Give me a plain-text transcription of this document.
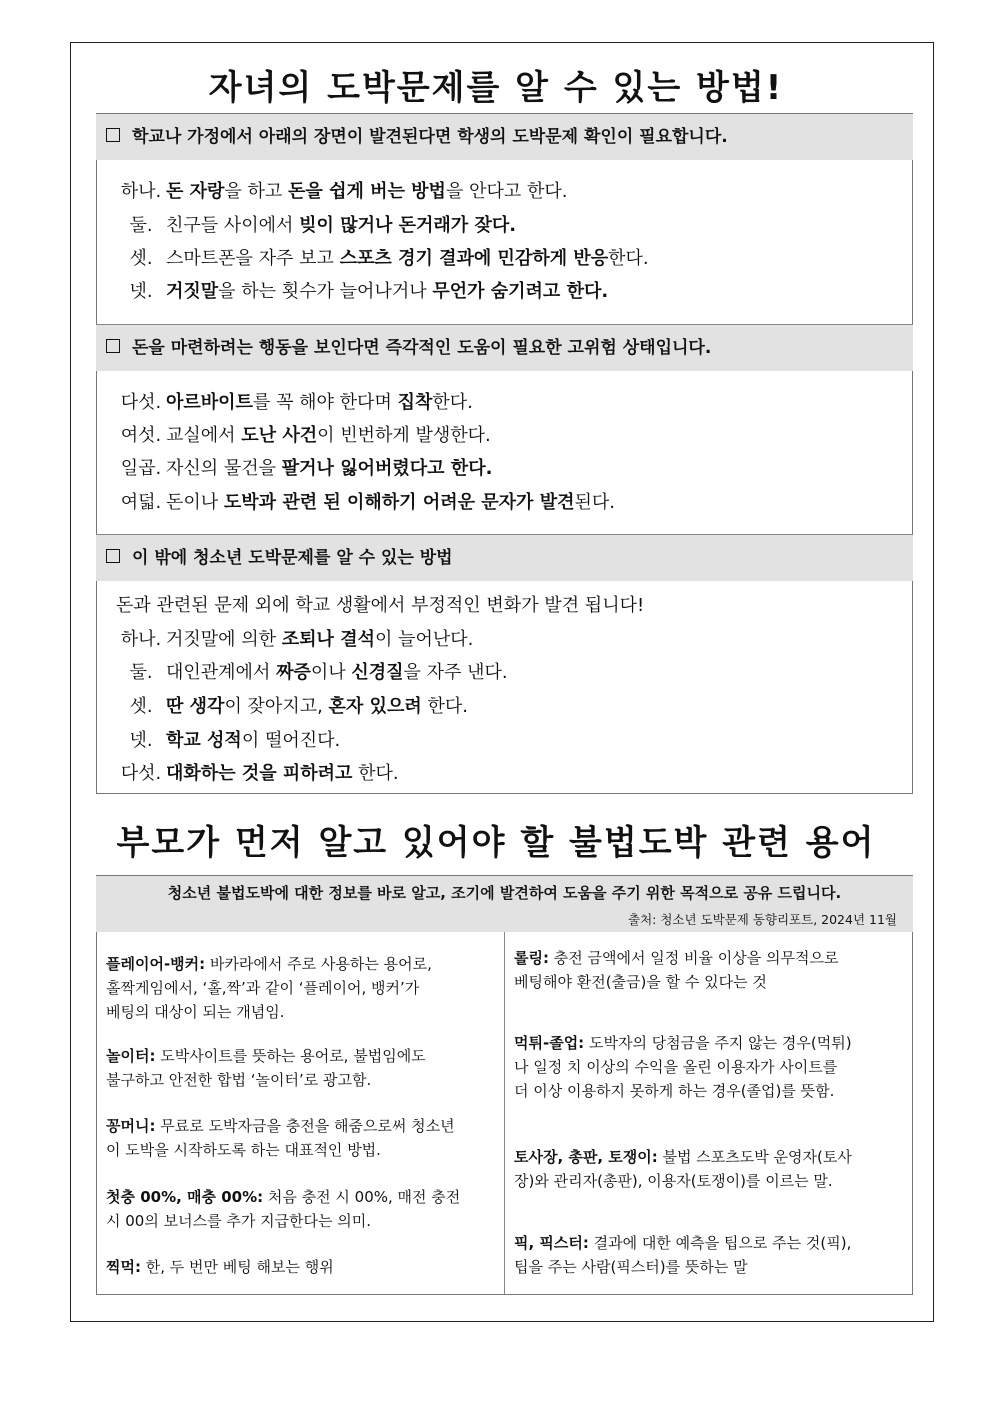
자녀의 도박문제를 알 수 있는 방법!
학교나 가정에서 아래의 장면이 발견된다면 학생의 도박문제 확인이 필요합니다.
하나. 돈 자랑을 하고 돈을 쉽게 버는 방법을 안다고 한다.
둘. 친구들 사이에서 빚이 많거나 돈거래가 잦다.
셋. 스마트폰을 자주 보고 스포츠 경기 결과에 민감하게 반응한다.
넷. 거짓말을 하는 횟수가 늘어나거나 무언가 숨기려고 한다.
돈을 마련하려는 행동을 보인다면 즉각적인 도움이 필요한 고위험 상태입니다.
다섯. 아르바이트를 꼭 해야 한다며 집착한다.
여섯. 교실에서 도난 사건이 빈번하게 발생한다.
일곱. 자신의 물건을 팔거나 잃어버렸다고 한다.
여덟. 돈이나 도박과 관련 된 이해하기 어려운 문자가 발견된다.
이 밖에 청소년 도박문제를 알 수 있는 방법
돈과 관련된 문제 외에 학교 생활에서 부정적인 변화가 발견 됩니다!
하나. 거짓말에 의한 조퇴나 결석이 늘어난다.
둘. 대인관계에서 짜증이나 신경질을 자주 낸다.
셋. 딴 생각이 잦아지고, 혼자 있으려 한다.
넷. 학교 성적이 떨어진다.
다섯. 대화하는 것을 피하려고 한다.
부모가 먼저 알고 있어야 할 불법도박 관련 용어
청소년 불법도박에 대한 정보를 바로 알고, 조기에 발견하여 도움을 주기 위한 목적으로 공유 드립니다.
출처: 청소년 도박문제 동향리포트, 2024년 11월
플레이어-뱅커: 바카라에서 주로 사용하는 용어로,
홀짝게임에서, ‘홀,짝’과 같이 ‘플레이어, 뱅커’가
베팅의 대상이 되는 개념임.
놀이터: 도박사이트를 뜻하는 용어로, 불법임에도
불구하고 안전한 합법 ‘놀이터’로 광고함.
꽁머니: 무료로 도박자금을 충전을 해줌으로써 청소년
이 도박을 시작하도록 하는 대표적인 방법.
첫충 00%, 매충 00%: 처음 충전 시 00%, 매전 충전
시 00의 보너스를 추가 지급한다는 의미.
찍먹: 한, 두 번만 베팅 해보는 행위
롤링: 충전 금액에서 일정 비율 이상을 의무적으로
베팅해야 환전(출금)을 할 수 있다는 것
먹튀-졸업: 도박자의 당첨금을 주지 않는 경우(먹튀)
나 일정 치 이상의 수익을 올린 이용자가 사이트를
더 이상 이용하지 못하게 하는 경우(졸업)를 뜻함.
토사장, 총판, 토쟁이: 불법 스포츠도박 운영자(토사
장)와 관리자(총판), 이용자(토쟁이)를 이르는 말.
픽, 픽스터: 결과에 대한 예측을 팁으로 주는 것(픽),
팁을 주는 사람(픽스터)를 뜻하는 말
